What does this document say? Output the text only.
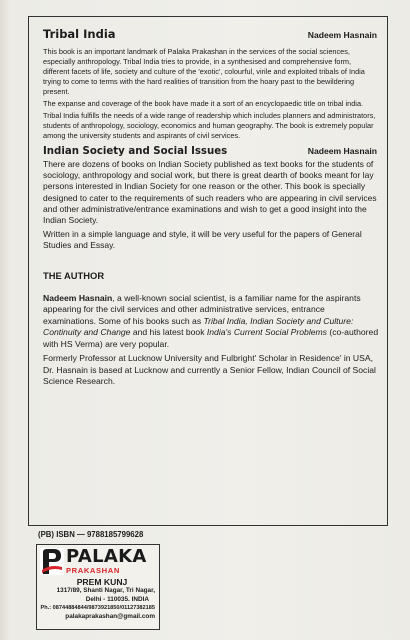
Tribal India	Nadeem Hasnain

This book is an important landmark of Palaka Prakashan in the services of the social sciences, especially anthropology. Tribal India tries to provide, in a synthesised and comprehensive form, different facets of life, society and culture of the 'exotic', colourful, virile and exploited tribals of India trying to come to terms with the hard realities of transition from the hoary past to the bewildering present.

The expanse and coverage of the book have made it a sort of an encyclopaedic title on tribal india.

Tribal India fulfills the needs of a wide range of readership which includes planners and administrators, students of anthropology, sociology, economics and human geography. The book is extremely popular among the university students and aspirants of civil services.

Indian Society and Social Issues	Nadeem Hasnain

There are dozens of books on Indian Society published as text books for the students of sociology, anthropology and social work, but there is great dearth of books meant for lay persons interested in Indian Society for one reason or the other. This book is specially designed to cater to the requirements of such readers who are appearing in civil services and other administrative/entrance examinations and wish to get a good insight into the Indian Society.

Written in a simple language and style, it will be very useful for the papers of General Studies and Essay.

THE AUTHOR

Nadeem Hasnain, a well-known social scientist, is a familiar name for the aspirants appearing for the civil services and other administrative services, entrance examinations. Some of his books such as Tribal India, Indian Society and Culture: Continuity and Change and his latest book India's Current Social Problems (co-authored with HS Verma) are very popular.

Formerly Professor at Lucknow University and Fulbright' Scholar in Residence' in USA, Dr. Hasnain is based at Lucknow and currently a Senior Fellow, Indian Council of Social Science Research.

(PB) ISBN — 9788185799628
PALAKA
PRAKASHAN
PREM KUNJ
1317/89, Shanti Nagar, Tri Nagar,
Delhi - 110035. INDIA
Ph.: 08744884844/9873921850/01127382185
palakaprakashan@gmail.com
